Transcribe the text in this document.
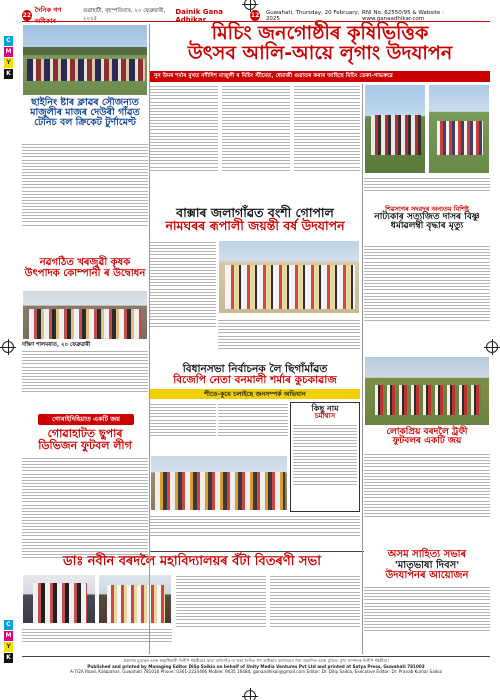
C
M
Y
K
C
M
Y
K
22
দৈনিক গণ অধিকাৰ
গুৱাহাটী, বৃহস্পতিবাৰ, ২০ ফেব্ৰুৱাৰী, ২০২৫
Dainik Gana Adhikar	12 Guwahati, Thursday, 20 February, 2025
RNI No. 62550/95 & Website : www.ganaadhikar.com
মিচিং জনগোষ্ঠীৰ কৃষিভিত্তিক
উৎসব আলি-আয়ে লৃগাং উদযাপন
নুন উমৰ শৰ্মাৰ মুখত নদীদিশ মাজুলী ৰ মিচিং স্টীমেত, ধেমাজী গুৱাতৰ কৰাৰ আহিছে মিচিং ডেকা-গাভৰুৱে
ছাইনিং ষ্টাৰ ক্লাৱৰ সৌজন্যত মাজুলীৰ মাজৰ দেউৰী গাঁৱত টেনিচ বল ক্রিকেট টুর্ণামেণ্ট
নৱগঠিত খৰজুৱী কৃষক উৎপাদক কোম্পানী ৰ উদ্বোধন
দক্ষিণ শালমৰাত, ২০ ফেব্ৰুৱাৰী
গোৰাইদিহিয়াত একটি জয়
গোৱাহাটত ছুপাৰ
ডিভিজন ফুটবল লীগ
বাক্সাৰ জলাগাঁৱত বংশী গোপাল
নামঘৰৰ ৰূপালী জয়ন্তী বৰ্ষ উদযাপন
শিৱসাগৰ সদরদৰ অন্যতম বিশিষ্ট
নাট্যকাৰ সত্যজিত দাসৰ বিষ্ণু
ধৰ্মাৱলম্বী বৃদ্ধাৰ মৃত্যু
বিধানসভা নিৰ্বাচনক লৈ ছিগাঁমাঁৱত
বিজেপি নেতা বনমালী শৰ্মাৰ কুচকাৱাজ
শীতে-কুমে চলাইছে জনসম্পর্ক অভিযান
কিছু নাম
চৰ্মাশ্বাস
লোকপ্রিয় বৰদলৈ ট্রফী
ফুটবলৰ একটি জয়
ডাঃ নবীন বৰদলৈ মহাবিদ্যালয়ৰ বঁটা বিতৰণী সভা	অসম সাহিত্য সভাৰ
'মাতৃভাষা দিবস'
উদযাপনৰ আয়োজন
প্রকাশক মুদ্রাকৰ আৰু স্বত্বাধিকাৰী দিলীপ শইকীয়াৰ দ্বাৰা মালিগাঁও-ত থকা দৈনিক গণ অধিকাৰ কাৰ্যালয়ৰ পৰা প্রকাশিত আৰু মুদ্রিত। মুখ্য সম্পাদক দিলীপ শইকীয়া।
Published and printed by Managing Editor Dilip Saikia on behalf of Unity Media Ventures Pvt Ltd and printed at Satya Press, Guwahati 781003
A-7/2A Road, Kalapahar, Guwahati 781016 Phone: 0361-2224466 Mobile: 9435 16484, ganaadhikar@gmail.com Editor: Dr. Dilip Saikia, Executive Editor: Dr. Pranab Kumar Saikia
